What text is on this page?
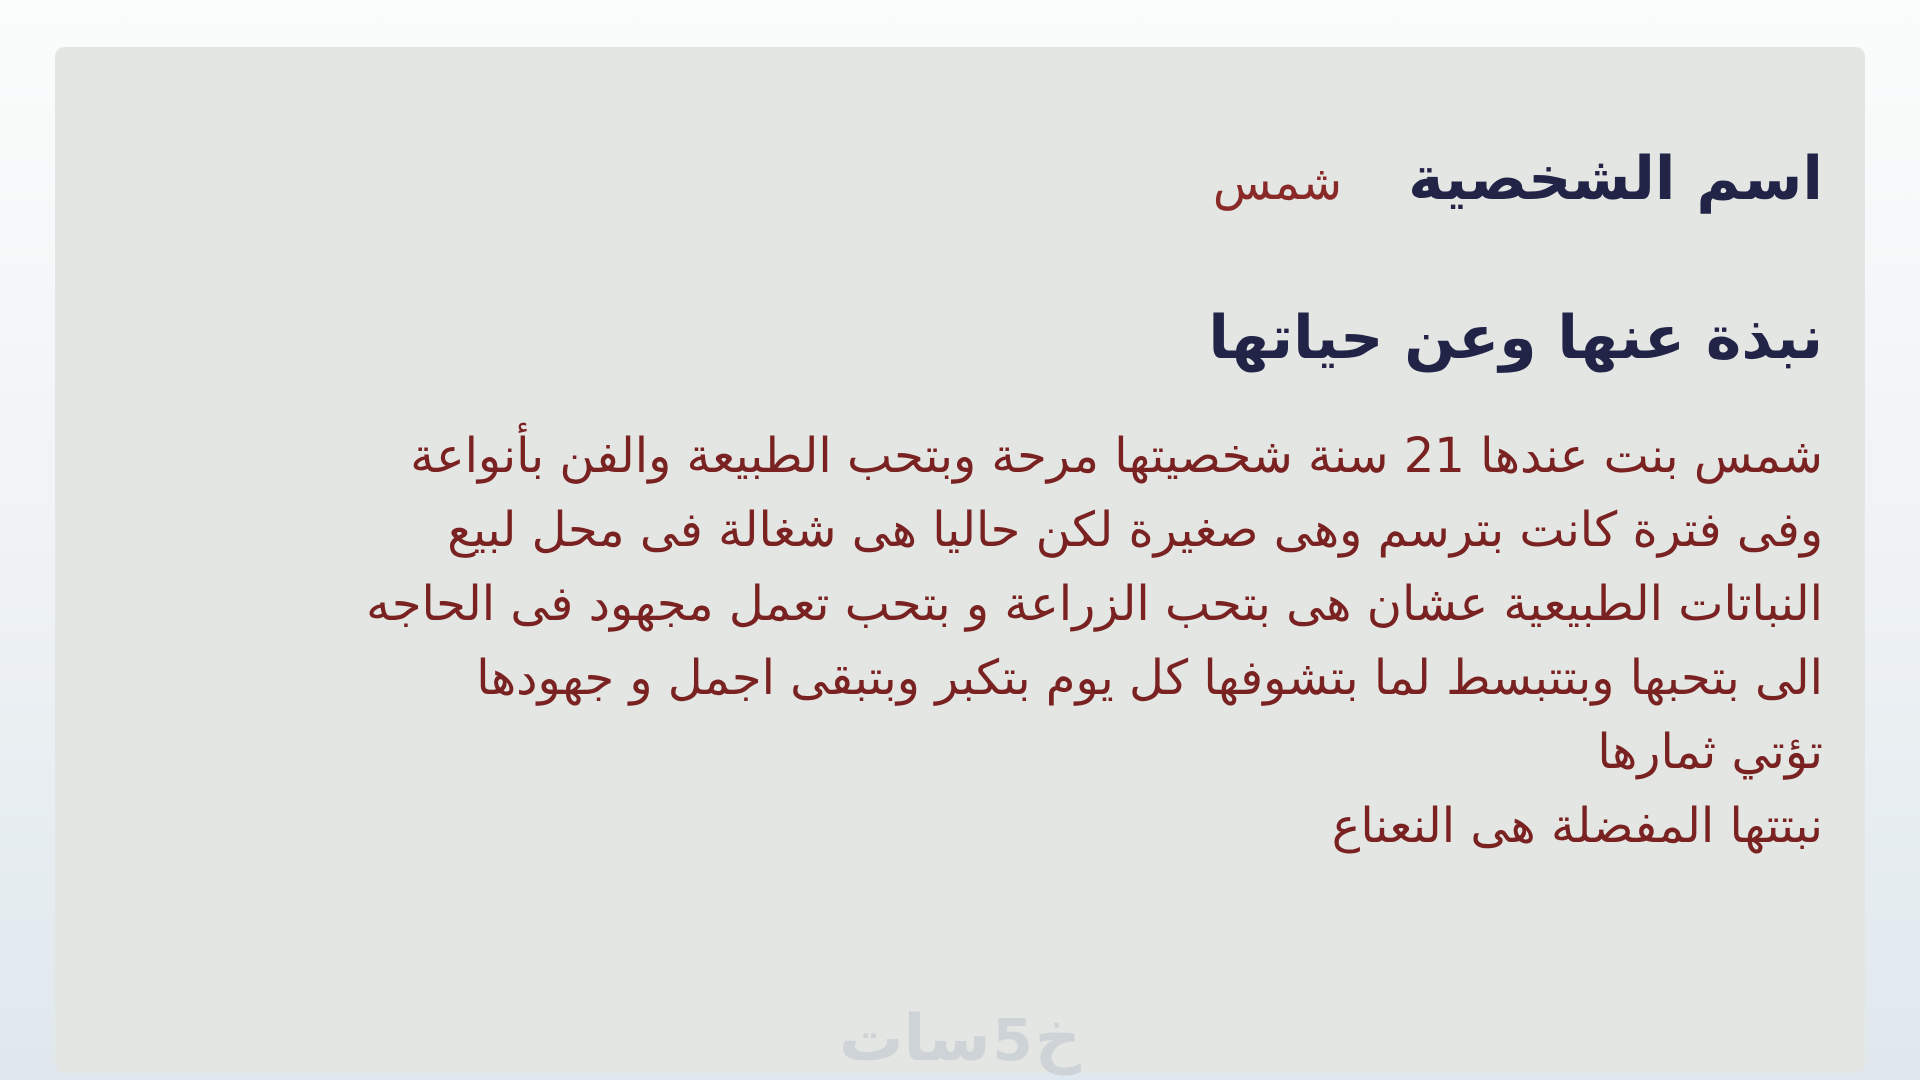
اسم الشخصية
شمس
نبذة عنها وعن حياتها
شمس بنت عندها 21 سنة شخصيتها مرحة وبتحب الطبيعة والفن بأنواعة
وفى فترة كانت بترسم وهى صغيرة لكن حاليا هى شغالة فى محل لبيع
النباتات الطبيعية عشان هى بتحب الزراعة و بتحب تعمل مجهود فى الحاجه
الى بتحبها وبتتبسط لما بتشوفها كل يوم بتكبر وبتبقى اجمل و جهودها
تؤتي ثمارها
نبتتها المفضلة هى النعناع
خ
5
سات
